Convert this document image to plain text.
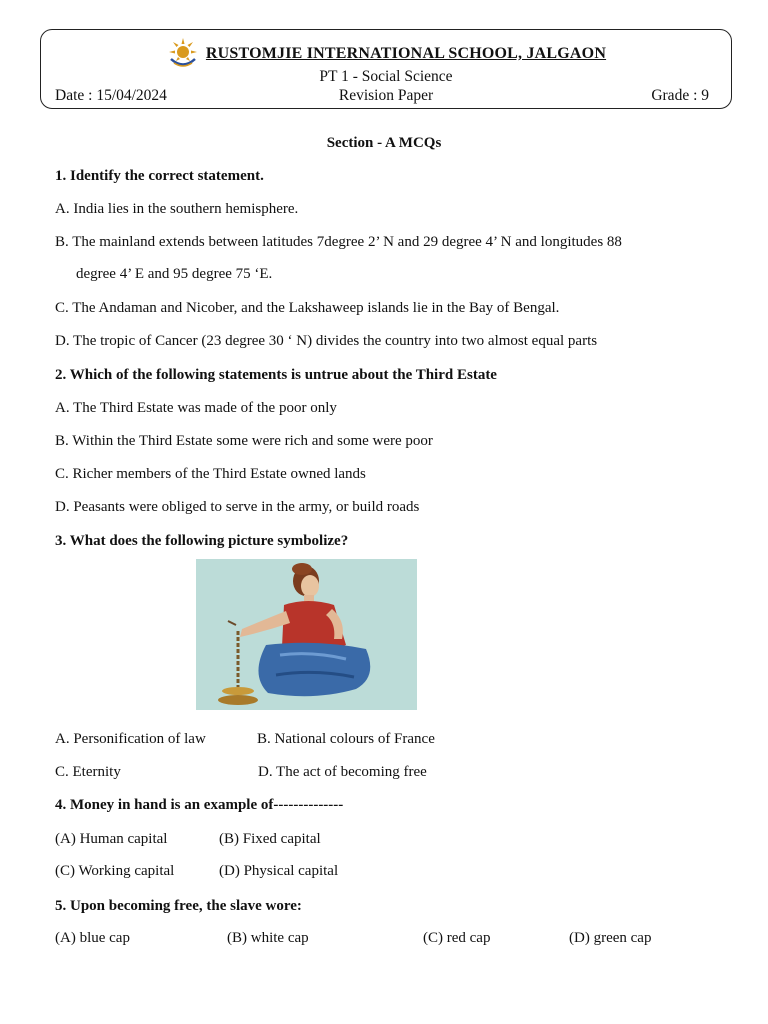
RUSTOMJIE INTERNATIONAL SCHOOL, JALGAON
PT 1 - Social Science
Date : 15/04/2024	Revision Paper	Grade : 9
Section - A MCQs
1. Identify the correct statement.
A. India lies in the southern hemisphere.
B. The mainland extends between latitudes 7degree 2’ N and 29 degree 4’ N and longitudes 88
degree 4’ E and 95 degree 75 ‘E.
C. The Andaman and Nicober, and the Lakshaweep islands lie in the Bay of Bengal.
D. The tropic of Cancer (23 degree 30 ‘ N) divides the country into two almost equal parts
2. Which of the following statements is untrue about the Third Estate
A. The Third Estate was made of the poor only
B. Within the Third Estate some were rich and some were poor
C. Richer members of the Third Estate owned lands
D. Peasants were obliged to serve in the army, or build roads
3. What does the following picture symbolize?
A. Personification of law	B. National colours of France
C. Eternity	D. The act of becoming free
4. Money in hand is an example of--------------
(A) Human capital	(B) Fixed capital
(C) Working capital	(D) Physical capital
5. Upon becoming free, the slave wore:
(A) blue cap	(B) white cap	(C) red cap	(D) green cap
